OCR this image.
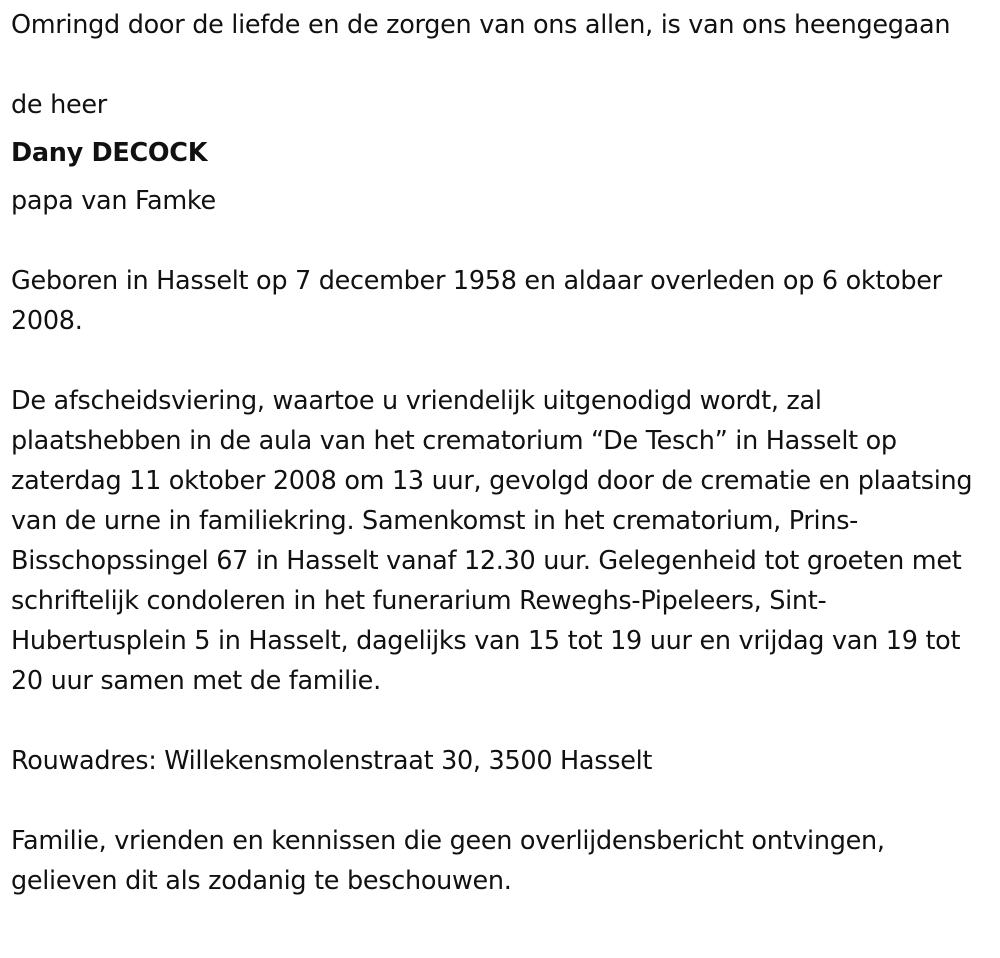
Omringd door de liefde en de zorgen van ons allen, is van ons heengegaan

de heer

Dany DECOCK

papa van Famke

Geboren in Hasselt op 7 december 1958 en aldaar overleden op 6 oktober 2008.

De afscheidsviering, waartoe u vriendelijk uitgenodigd wordt, zal plaatshebben in de aula van het crematorium “De Tesch” in Hasselt op zaterdag 11 oktober 2008 om 13 uur, gevolgd door de crematie en plaatsing van de urne in familiekring. Samenkomst in het crematorium, Prins-Bisschopssingel 67 in Hasselt vanaf 12.30 uur. Gelegenheid tot groeten met schriftelijk condoleren in het funerarium Reweghs-Pipeleers, Sint-Hubertusplein 5 in Hasselt, dagelijks van 15 tot 19 uur en vrijdag van 19 tot 20 uur samen met de familie.

Rouwadres: Willekensmolenstraat 30, 3500 Hasselt

Familie, vrienden en kennissen die geen overlijdensbericht ontvingen, gelieven dit als zodanig te beschouwen.
